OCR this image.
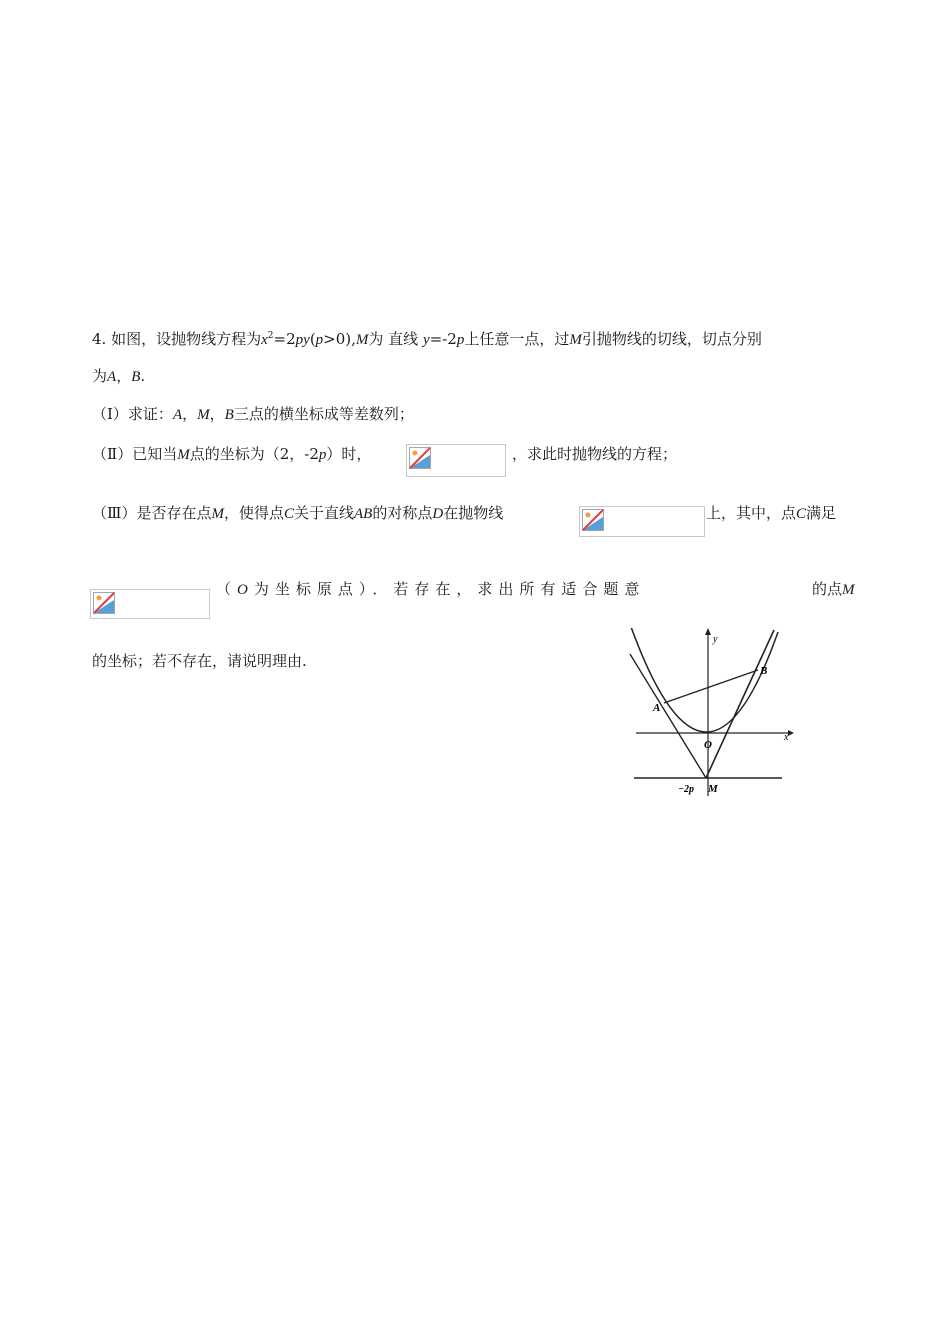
4. 如图，设抛物线方程为$x^2=2py(p>0),M$为 直线 y=-2p上任意一点，过M引抛物线的切线，切点分别
为A，B.
（Ⅰ）求证：A，M，B三点的横坐标成等差数列；
（Ⅱ）已知当M点的坐标为（2，-2p）时，	，求此时抛物线的方程；
（Ⅲ）是否存在点M，使得点C关于直线AB的对称点D在抛物线	上，其中，点C满足
（O为坐标原点）．若存在，求出所有适合题意	的点M
的坐标；若不存在，请说明理由.
y
x
A
B
O
M
−2p
